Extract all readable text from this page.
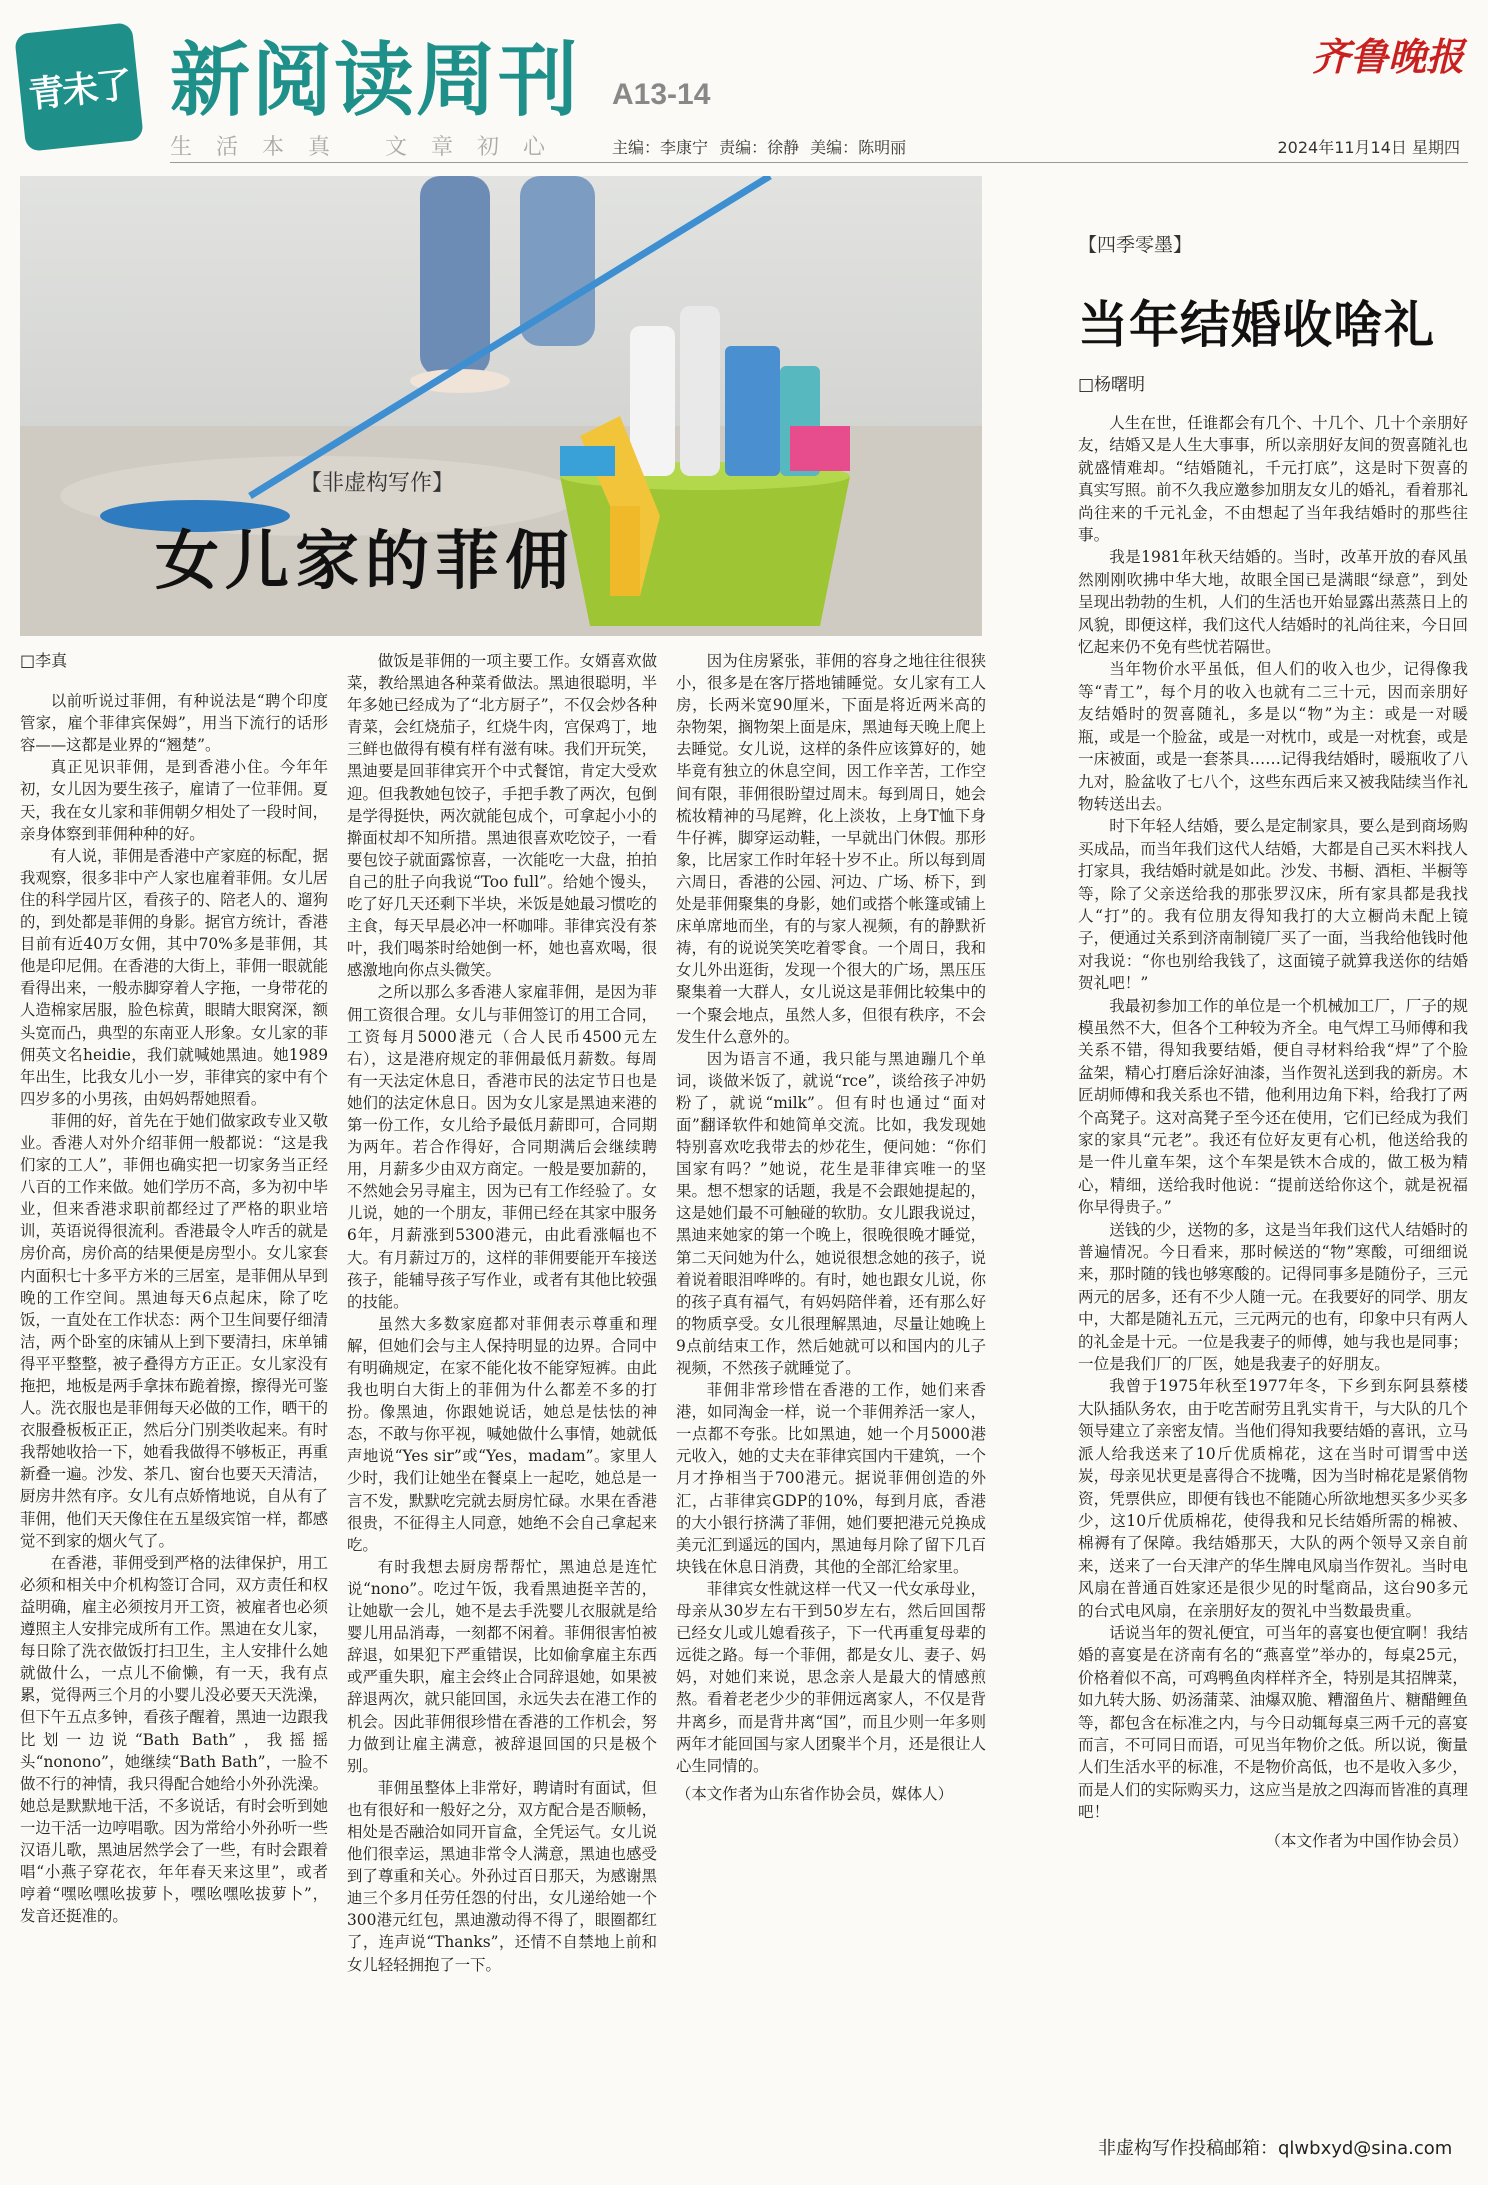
青未了 新阅读周刊 A13-14
齐鲁晚报
生活本真 文章初心	主编：李康宁 责编：徐静 美编：陈明丽	2024年11月14日 星期四
【非虚构写作】
女儿家的菲佣

□李真

以前听说过菲佣，有种说法是“聘个印度管家，雇个菲律宾保姆”，用当下流行的话形容——这都是业界的“翘楚”。

真正见识菲佣，是到香港小住。今年年初，女儿因为要生孩子，雇请了一位菲佣。夏天，我在女儿家和菲佣朝夕相处了一段时间，亲身体察到菲佣种种的好。

有人说，菲佣是香港中产家庭的标配，据我观察，很多非中产人家也雇着菲佣。女儿居住的科学园片区，看孩子的、陪老人的、遛狗的，到处都是菲佣的身影。据官方统计，香港目前有近40万女佣，其中70%多是菲佣，其他是印尼佣。在香港的大街上，菲佣一眼就能看得出来，一般赤脚穿着人字拖，一身带花的人造棉家居服，脸色棕黄，眼睛大眼窝深，额头宽而凸，典型的东南亚人形象。女儿家的菲佣英文名heidie，我们就喊她黑迪。她1989年出生，比我女儿小一岁，菲律宾的家中有个四岁多的小男孩，由妈妈帮她照看。

菲佣的好，首先在于她们做家政专业又敬业。香港人对外介绍菲佣一般都说：“这是我们家的工人”，菲佣也确实把一切家务当正经八百的工作来做。她们学历不高，多为初中毕业，但来香港求职前都经过了严格的职业培训，英语说得很流利。香港最令人咋舌的就是房价高，房价高的结果便是房型小。女儿家套内面积七十多平方米的三居室，是菲佣从早到晚的工作空间。黑迪每天6点起床，除了吃饭，一直处在工作状态：两个卫生间要仔细清洁，两个卧室的床铺从上到下要清扫，床单铺得平平整整，被子叠得方方正正。女儿家没有拖把，地板是两手拿抹布跪着擦，擦得光可鉴人。洗衣服也是菲佣每天必做的工作，晒干的衣服叠板板正正，然后分门别类收起来。有时我帮她收拾一下，她看我做得不够板正，再重新叠一遍。沙发、茶几、窗台也要天天清洁，厨房井然有序。女儿有点娇惰地说，自从有了菲佣，他们天天像住在五星级宾馆一样，都感觉不到家的烟火气了。

在香港，菲佣受到严格的法律保护，用工必须和相关中介机构签订合同，双方责任和权益明确，雇主必须按月开工资，被雇者也必须遵照主人安排完成所有工作。黑迪在女儿家，每日除了洗衣做饭打扫卫生，主人安排什么她就做什么，一点儿不偷懒，有一天，我有点累，觉得两三个月的小婴儿没必要天天洗澡，但下午五点多钟，看孩子醒着，黑迪一边跟我比划一边说“Bath Bath”，我摇摇头“nonono”，她继续“Bath Bath”，一脸不做不行的神情，我只得配合她给小外孙洗澡。她总是默默地干活，不多说话，有时会听到她一边干活一边哼唱歌。因为常给小外孙听一些汉语儿歌，黑迪居然学会了一些，有时会跟着唱“小燕子穿花衣，年年春天来这里”，或者哼着“嘿吆嘿吆拔萝卜，嘿吆嘿吆拔萝卜”，发音还挺准的。

做饭是菲佣的一项主要工作。女婿喜欢做菜，教给黑迪各种菜肴做法。黑迪很聪明，半年多她已经成为了“北方厨子”，不仅会炒各种青菜，会红烧茄子，红烧牛肉，宫保鸡丁，地三鲜也做得有模有样有滋有味。我们开玩笑，黑迪要是回菲律宾开个中式餐馆，肯定大受欢迎。但我教她包饺子，手把手教了两次，包倒是学得挺快，两次就能包成个，可拿起小小的擀面杖却不知所措。黑迪很喜欢吃饺子，一看要包饺子就面露惊喜，一次能吃一大盘，拍拍自己的肚子向我说“Too full”。给她个馒头，吃了好几天还剩下半块，米饭是她最习惯吃的主食，每天早晨必冲一杯咖啡。菲律宾没有茶叶，我们喝茶时给她倒一杯，她也喜欢喝，很感激地向你点头微笑。

之所以那么多香港人家雇菲佣，是因为菲佣工资很合理。女儿与菲佣签订的用工合同，工资每月5000港元（合人民币4500元左右），这是港府规定的菲佣最低月薪数。每周有一天法定休息日，香港市民的法定节日也是她们的法定休息日。因为女儿家是黑迪来港的第一份工作，女儿给予最低月薪即可，合同期为两年。若合作得好，合同期满后会继续聘用，月薪多少由双方商定。一般是要加薪的，不然她会另寻雇主，因为已有工作经验了。女儿说，她的一个朋友，菲佣已经在其家中服务6年，月薪涨到5300港元，由此看涨幅也不大。有月薪过万的，这样的菲佣要能开车接送孩子，能辅导孩子写作业，或者有其他比较强的技能。

虽然大多数家庭都对菲佣表示尊重和理解，但她们会与主人保持明显的边界。合同中有明确规定，在家不能化妆不能穿短裤。由此我也明白大街上的菲佣为什么都差不多的打扮。像黑迪，你跟她说话，她总是怯怯的神态，不敢与你平视，喊她做什么事情，她就低声地说“Yes sir”或“Yes，madam”。家里人少时，我们让她坐在餐桌上一起吃，她总是一言不发，默默吃完就去厨房忙碌。水果在香港很贵，不征得主人同意，她绝不会自己拿起来吃。

有时我想去厨房帮帮忙，黑迪总是连忙说“nono”。吃过午饭，我看黑迪挺辛苦的，让她歇一会儿，她不是去手洗婴儿衣服就是给婴儿用品消毒，一刻都不闲着。菲佣很害怕被辞退，如果犯下严重错误，比如偷拿雇主东西或严重失职，雇主会终止合同辞退她，如果被辞退两次，就只能回国，永远失去在港工作的机会。因此菲佣很珍惜在香港的工作机会，努力做到让雇主满意，被辞退回国的只是极个别。

菲佣虽整体上非常好，聘请时有面试，但也有很好和一般好之分，双方配合是否顺畅，相处是否融洽如同开盲盒，全凭运气。女儿说他们很幸运，黑迪非常令人满意，黑迪也感受到了尊重和关心。外孙过百日那天，为感谢黑迪三个多月任劳任怨的付出，女儿递给她一个300港元红包，黑迪激动得不得了，眼圈都红了，连声说“Thanks”，还情不自禁地上前和女儿轻轻拥抱了一下。

因为住房紧张，菲佣的容身之地往往很狭小，很多是在客厅搭地铺睡觉。女儿家有工人房，长两米宽90厘米，下面是将近两米高的杂物架，搁物架上面是床，黑迪每天晚上爬上去睡觉。女儿说，这样的条件应该算好的，她毕竟有独立的休息空间，因工作辛苦，工作空间有限，菲佣很盼望过周末。每到周日，她会梳妆精神的马尾辫，化上淡妆，上身T恤下身牛仔裤，脚穿运动鞋，一早就出门休假。那形象，比居家工作时年轻十岁不止。所以每到周六周日，香港的公园、河边、广场、桥下，到处是菲佣聚集的身影，她们或搭个帐篷或铺上床单席地而坐，有的与家人视频，有的静默祈祷，有的说说笑笑吃着零食。一个周日，我和女儿外出逛街，发现一个很大的广场，黑压压聚集着一大群人，女儿说这是菲佣比较集中的一个聚会地点，虽然人多，但很有秩序，不会发生什么意外的。

因为语言不通，我只能与黑迪蹦几个单词，谈做米饭了，就说“rce”，谈给孩子冲奶粉了，就说“milk”。但有时也通过“面对面”翻译软件和她简单交流。比如，我发现她特别喜欢吃我带去的炒花生，便问她：“你们国家有吗？”她说，花生是菲律宾唯一的坚果。想不想家的话题，我是不会跟她提起的，这是她们最不可触碰的软肋。女儿跟我说过，黑迪来她家的第一个晚上，很晚很晚才睡觉，第二天问她为什么，她说很想念她的孩子，说着说着眼泪哗哗的。有时，她也跟女儿说，你的孩子真有福气，有妈妈陪伴着，还有那么好的物质享受。女儿很理解黑迪，尽量让她晚上9点前结束工作，然后她就可以和国内的儿子视频，不然孩子就睡觉了。

菲佣非常珍惜在香港的工作，她们来香港，如同淘金一样，说一个菲佣养活一家人，一点都不夸张。比如黑迪，她一个月5000港元收入，她的丈夫在菲律宾国内干建筑，一个月才挣相当于700港元。据说菲佣创造的外汇，占菲律宾GDP的10%，每到月底，香港的大小银行挤满了菲佣，她们要把港元兑换成美元汇到遥远的国内，黑迪每月除了留下几百块钱在休息日消费，其他的全部汇给家里。

菲律宾女性就这样一代又一代女承母业，母亲从30岁左右干到50岁左右，然后回国帮已经女儿或儿媳看孩子，下一代再重复母辈的远徙之路。每一个菲佣，都是女儿、妻子、妈妈，对她们来说，思念亲人是最大的情感煎熬。看着老老少少的菲佣远离家人，不仅是背井离乡，而是背井离“国”，而且少则一年多则两年才能回国与家人团聚半个月，还是很让人心生同情的。

（本文作者为山东省作协会员，媒体人）

【四季零墨】
当年结婚收啥礼
□杨曙明

人生在世，任谁都会有几个、十几个、几十个亲朋好友，结婚又是人生大事事，所以亲朋好友间的贺喜随礼也就盛情难却。“结婚随礼，千元打底”，这是时下贺喜的真实写照。前不久我应邀参加朋友女儿的婚礼，看着那礼尚往来的千元礼金，不由想起了当年我结婚时的那些往事。

我是1981年秋天结婚的。当时，改革开放的春风虽然刚刚吹拂中华大地，故眼全国已是满眼“绿意”，到处呈现出勃勃的生机，人们的生活也开始显露出蒸蒸日上的风貌，即便这样，我们这代人结婚时的礼尚往来，今日回忆起来仍不免有些忧若隔世。

当年物价水平虽低，但人们的收入也少，记得像我等“青工”，每个月的收入也就有二三十元，因而亲朋好友结婚时的贺喜随礼，多是以“物”为主：或是一对暖瓶，或是一个脸盆，或是一对枕巾，或是一对枕套，或是一床被面，或是一套茶具……记得我结婚时，暖瓶收了八九对，脸盆收了七八个，这些东西后来又被我陆续当作礼物转送出去。

时下年轻人结婚，要么是定制家具，要么是到商场购买成品，而当年我们这代人结婚，大都是自己买木料找人打家具，我结婚时就是如此。沙发、书橱、酒柜、半橱等等，除了父亲送给我的那张罗汉床，所有家具都是我找人“打”的。我有位朋友得知我打的大立橱尚未配上镜子，便通过关系到济南制镜厂买了一面，当我给他钱时他对我说：“你也别给我钱了，这面镜子就算我送你的结婚贺礼吧！”

我最初参加工作的单位是一个机械加工厂，厂子的规模虽然不大，但各个工种较为齐全。电气焊工马师傅和我关系不错，得知我要结婚，便自寻材料给我“焊”了个脸盆架，精心打磨后涂好油漆，当作贺礼送到我的新房。木匠胡师傅和我关系也不错，他利用边角下料，给我打了两个高凳子。这对高凳子至今还在使用，它们已经成为我们家的家具“元老”。我还有位好友更有心机，他送给我的是一件儿童车架，这个车架是铁木合成的，做工极为精心，精细，送给我时他说：“提前送给你这个，就是祝福你早得贵子。”

送钱的少，送物的多，这是当年我们这代人结婚时的普遍情况。今日看来，那时候送的“物”寒酸，可细细说来，那时随的钱也够寒酸的。记得同事多是随份子，三元两元的居多，还有不少人随一元。在我要好的同学、朋友中，大都是随礼五元，三元两元的也有，印象中只有两人的礼金是十元。一位是我妻子的师傅，她与我也是同事；一位是我们厂的厂医，她是我妻子的好朋友。

我曾于1975年秋至1977年冬，下乡到东阿县蔡楼大队插队务农，由于吃苦耐劳且乳实肯干，与大队的几个领导建立了亲密友情。当他们得知我要结婚的喜讯，立马派人给我送来了10斤优质棉花，这在当时可谓雪中送炭，母亲见状更是喜得合不拢嘴，因为当时棉花是紧俏物资，凭票供应，即便有钱也不能随心所欲地想买多少买多少，这10斤优质棉花，使得我和兄长结婚所需的棉被、棉褥有了保障。我结婚那天，大队的两个领导又亲自前来，送来了一台天津产的华生牌电风扇当作贺礼。当时电风扇在普通百姓家还是很少见的时髦商品，这台90多元的台式电风扇，在亲朋好友的贺礼中当数最贵重。

话说当年的贺礼便宜，可当年的喜宴也便宜啊！我结婚的喜宴是在济南有名的“燕喜堂”举办的，每桌25元，价格着似不高，可鸡鸭鱼肉样样齐全，特别是其招牌菜，如九转大肠、奶汤蒲菜、油爆双脆、糟溜鱼片、糖醋鲤鱼等，都包含在标准之内，与今日动辄每桌三两千元的喜宴而言，不可同日而语，可见当年物价之低。所以说，衡量人们生活水平的标准，不是物价高低，也不是收入多少，而是人们的实际购买力，这应当是放之四海而皆准的真理吧！

（本文作者为中国作协会员）

非虚构写作投稿邮箱：qlwbxyd@sina.com
